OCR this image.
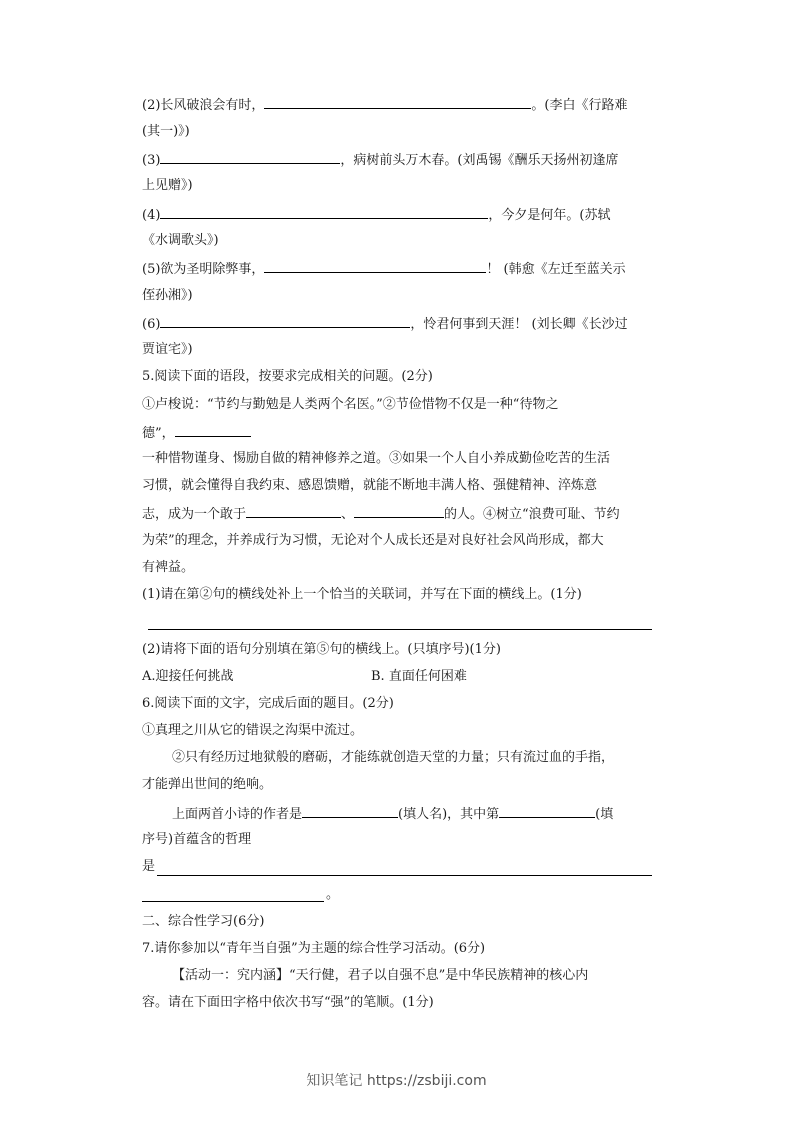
(2)长风破浪会有时，	。(李白《行路难
(其一)》)
(3)	，病树前头万木春。(刘禹锡《酬乐天扬州初逢席
上见赠》)
(4)	，今夕是何年。(苏轼
《水调歌头》)
(5)欲为圣明除弊事，	！ (韩愈《左迁至蓝关示
侄孙湘》)
(6)	，怜君何事到天涯！ (刘长卿《长沙过
贾谊宅》)
5.阅读下面的语段，按要求完成相关的问题。(2分)
①卢梭说：“节约与勤勉是人类两个名医。”②节俭惜物不仅是一种“待物之
德”，
一种惜物谨身、惕励自做的精神修养之道。③如果一个人自小养成勤俭吃苦的生活
习惯，就会懂得自我约束、感恩馈赠，就能不断地丰满人格、强健精神、淬炼意
志，成为一个敢于	、	的人。④树立“浪费可耻、节约
为荣”的理念，并养成行为习惯，无论对个人成长还是对良好社会风尚形成，都大
有裨益。
(1)请在第②句的横线处补上一个恰当的关联词，并写在下面的横线上。(1分)
(2)请将下面的语句分别填在第⑤句的横线上。(只填序号)(1分)
A.迎接任何挑战	B. 直面任何困难
6.阅读下面的文字，完成后面的题目。(2分)
①真理之川从它的错误之沟渠中流过。
②只有经历过地狱般的磨砺，才能练就创造天堂的力量；只有流过血的手指，
才能弹出世间的绝响。
上面两首小诗的作者是	(填人名)，其中第	(填
序号)首蕴含的哲理
是
。
二、综合性学习(6分)
7.请你参加以“青年当自强”为主题的综合性学习活动。(6分)
【活动一：究内涵】“天行健，君子以自强不息”是中华民族精神的核心内
容。请在下面田字格中依次书写“强”的笔顺。(1分)
知识笔记 https://zsbiji.com
